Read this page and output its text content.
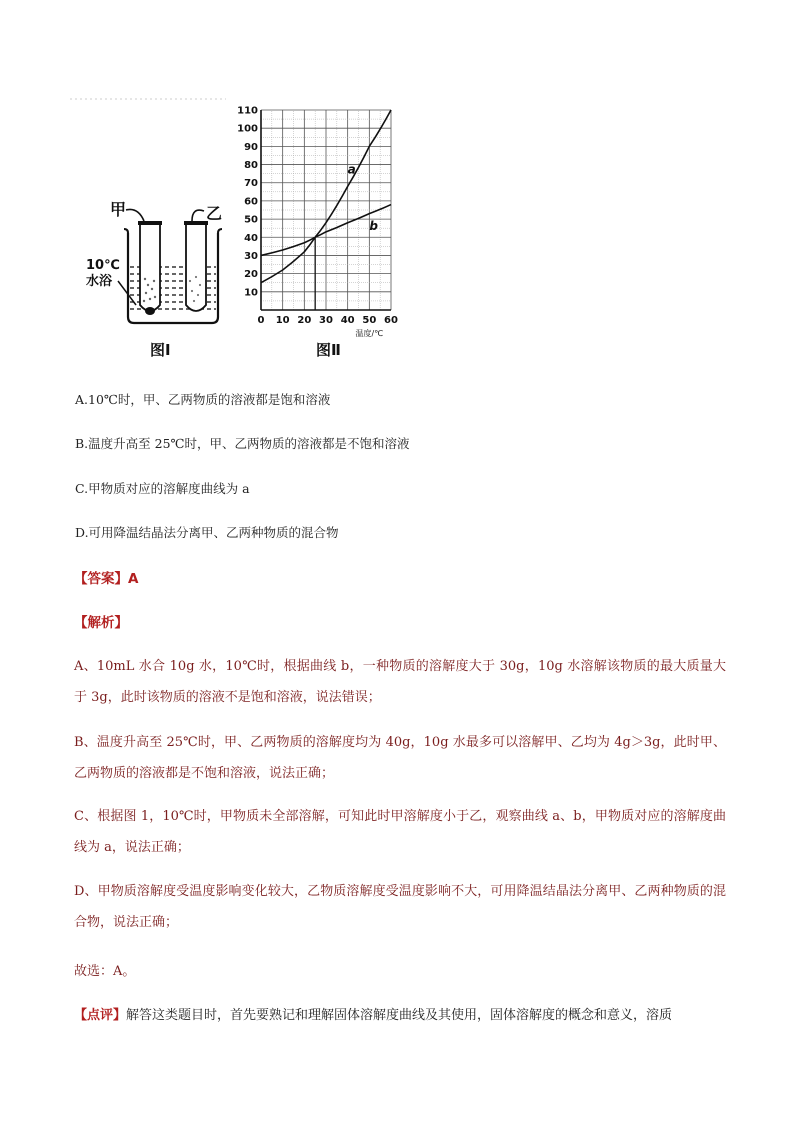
甲	乙
10℃
水浴
图Ⅰ
0 10 20 30 40 50 60
10
20
30
40
50
60
70
80
90
100
110
温度/℃
a
b
图Ⅱ
A.10℃时，甲、乙两物质的溶液都是饱和溶液
B.温度升高至 25℃时，甲、乙两物质的溶液都是不饱和溶液
C.甲物质对应的溶解度曲线为 a
D.可用降温结晶法分离甲、乙两种物质的混合物
【答案】A
【解析】
A、10mL 水合 10g 水，10℃时，根据曲线 b，一种物质的溶解度大于 30g，10g 水溶解该物质的最大质量大于 3g，此时该物质的溶液不是饱和溶液，说法错误；
B、温度升高至 25℃时，甲、乙两物质的溶解度均为 40g，10g 水最多可以溶解甲、乙均为 4g＞3g，此时甲、乙两物质的溶液都是不饱和溶液，说法正确；
C、根据图 1，10℃时，甲物质未全部溶解，可知此时甲溶解度小于乙，观察曲线 a、b，甲物质对应的溶解度曲线为 a，说法正确；
D、甲物质溶解度受温度影响变化较大，乙物质溶解度受温度影响不大，可用降温结晶法分离甲、乙两种物质的混合物，说法正确；
故选：A。
【点评】解答这类题目时，首先要熟记和理解固体溶解度曲线及其使用，固体溶解度的概念和意义，溶质
